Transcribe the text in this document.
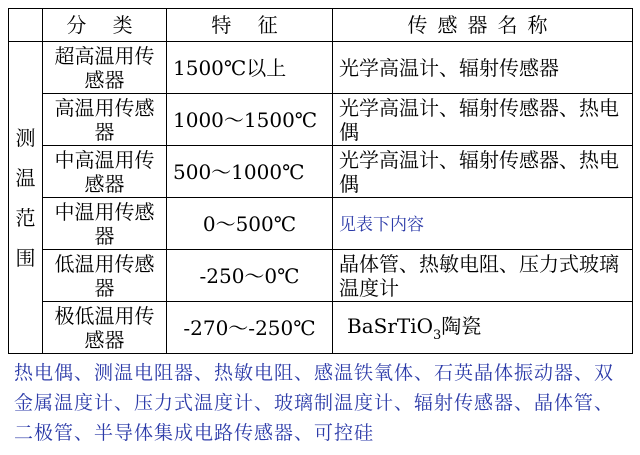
	分 类	特 征	传感器名称

测温范围	超高温用传感器	1500℃以上	光学高温计、辐射传感器
	高温用传感器	1000～1500℃	光学高温计、辐射传感器、热电偶
	中高温用传感器	500～1000℃	光学高温计、辐射传感器、热电偶
	中温用传感器	0～500℃	见表下内容
	低温用传感器	-250～0℃	晶体管、热敏电阻、压力式玻璃温度计
	极低温用传感器	-270～-250℃	BaSrTiO$_3$陶瓷
热电偶、测温电阻器、热敏电阻、感温铁氧体、石英晶体振动器、双金属温度计、压力式温度计、玻璃制温度计、辐射传感器、晶体管、二极管、半导体集成电路传感器、可控硅
